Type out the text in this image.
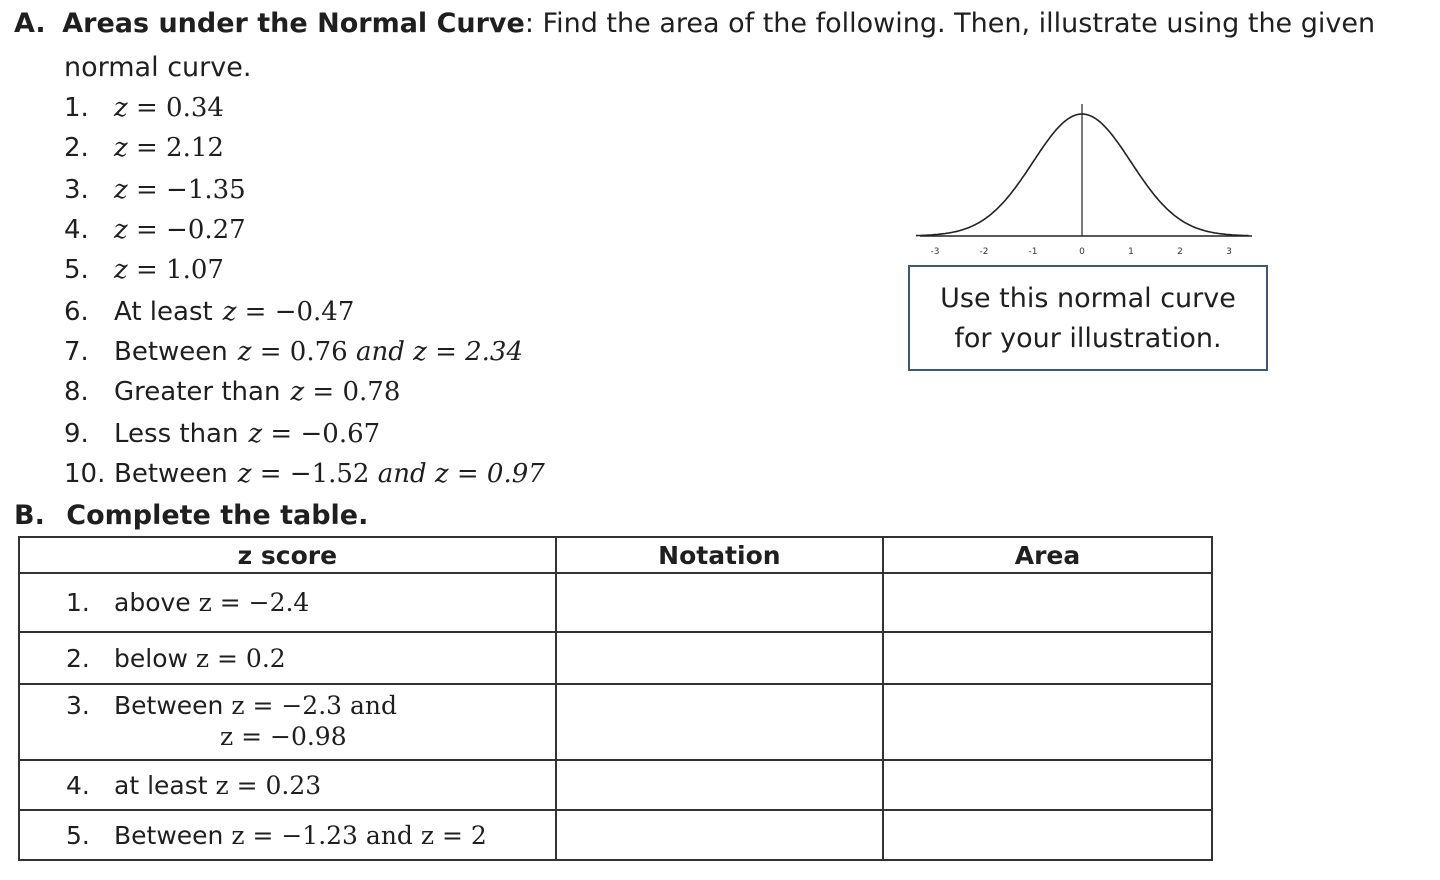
A. Areas under the Normal Curve: Find the area of the following. Then, illustrate using the given
normal curve.
1. z = 0.34
2. z = 2.12
3. z = −1.35
4. z = −0.27
5. z = 1.07
6. At least z = −0.47
7. Between z = 0.76 and z = 2.34
8. Greater than z = 0.78
9. Less than z = −0.67
10. Between z = −1.52 and z = 0.97
-3	-2	-1	0	1	2	3
Use this normal curve
for your illustration.
B. Complete the table.
z score	Notation	Area
1. above z = −2.4		
2. below z = 0.2		

3. Between z = −2.3 and
z = −0.98		

4. at least z = 0.23		
5. Between z = −1.23 and z = 2		
